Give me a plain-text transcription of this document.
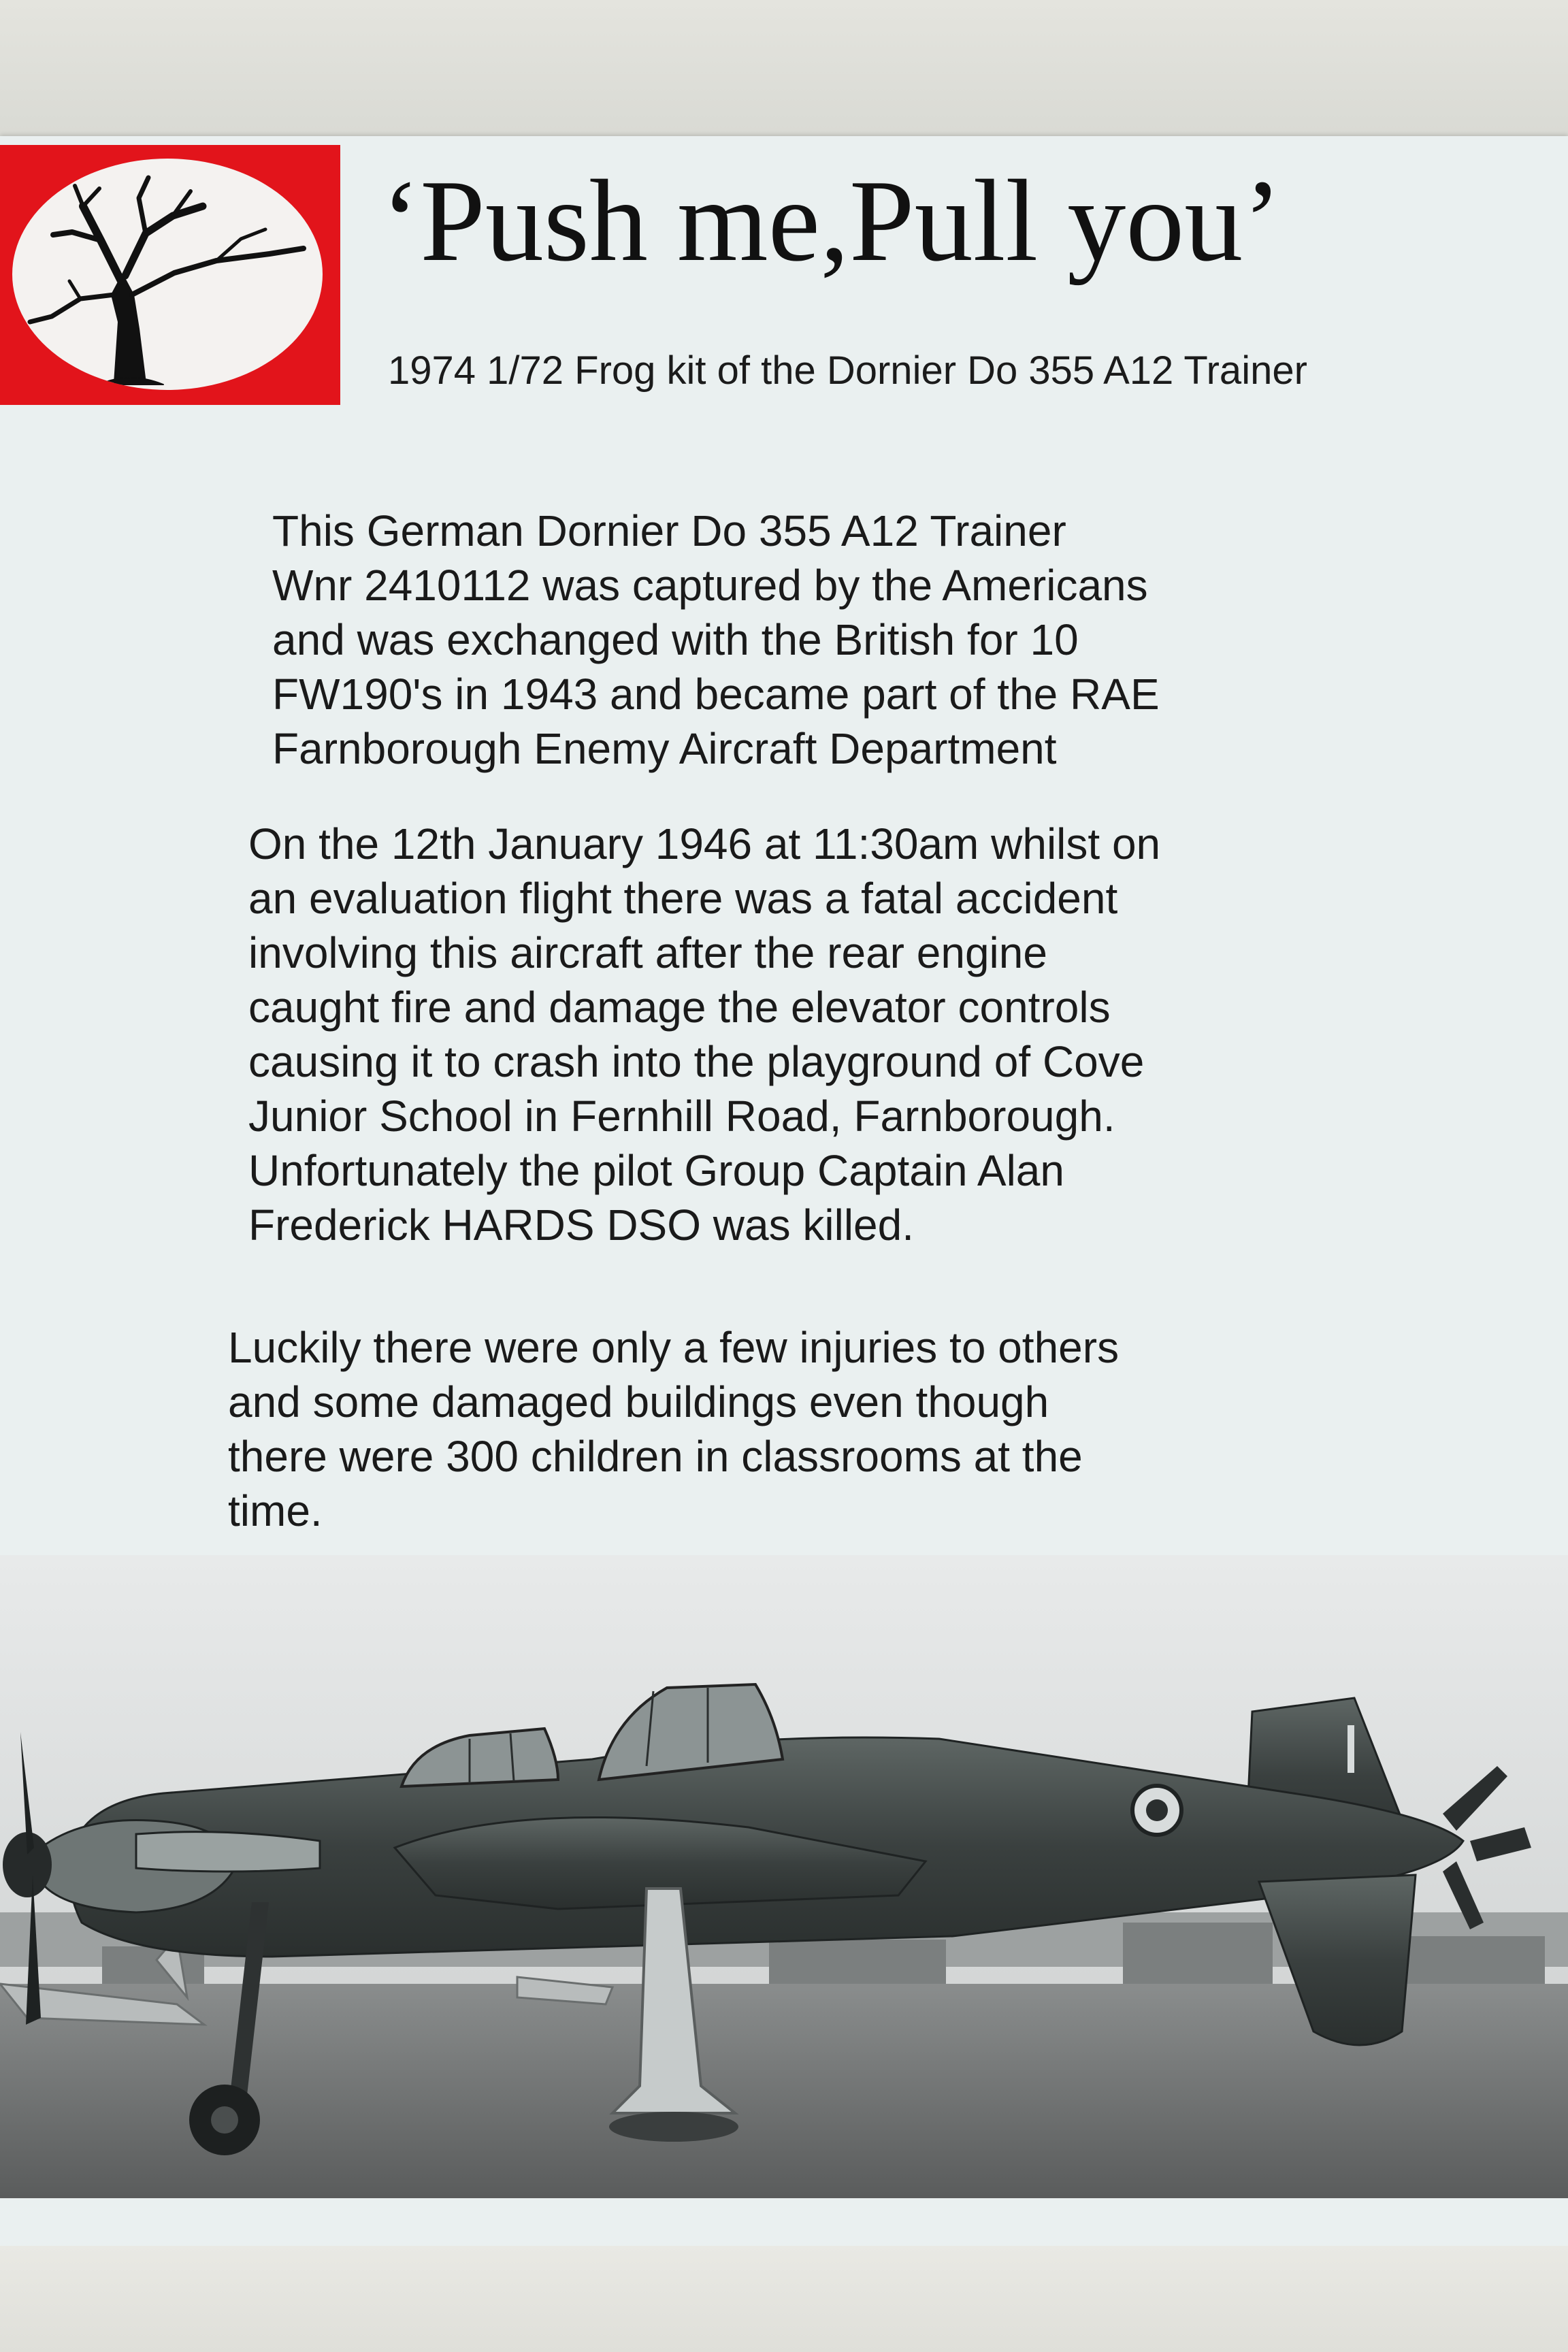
‘Push me,Pull you’

1974 1/72 Frog kit of the Dornier Do 355 A12 Trainer

This German Dornier Do 355 A12 Trainer
Wnr 2410112 was captured by the Americans
and was exchanged with the British for 10
FW190's in 1943 and became part of the RAE
Farnborough Enemy Aircraft Department

On the 12th January 1946 at 11:30am whilst on
an evaluation flight there was a fatal accident
involving this aircraft after the rear engine
caught fire and damage the elevator controls
causing it to crash into the playground of Cove
Junior School in Fernhill Road, Farnborough.
Unfortunately the pilot Group Captain Alan
Frederick HARDS DSO was killed.

Luckily there were only a few injuries to others
and some damaged buildings even though
there were 300 children in classrooms at the
time.
